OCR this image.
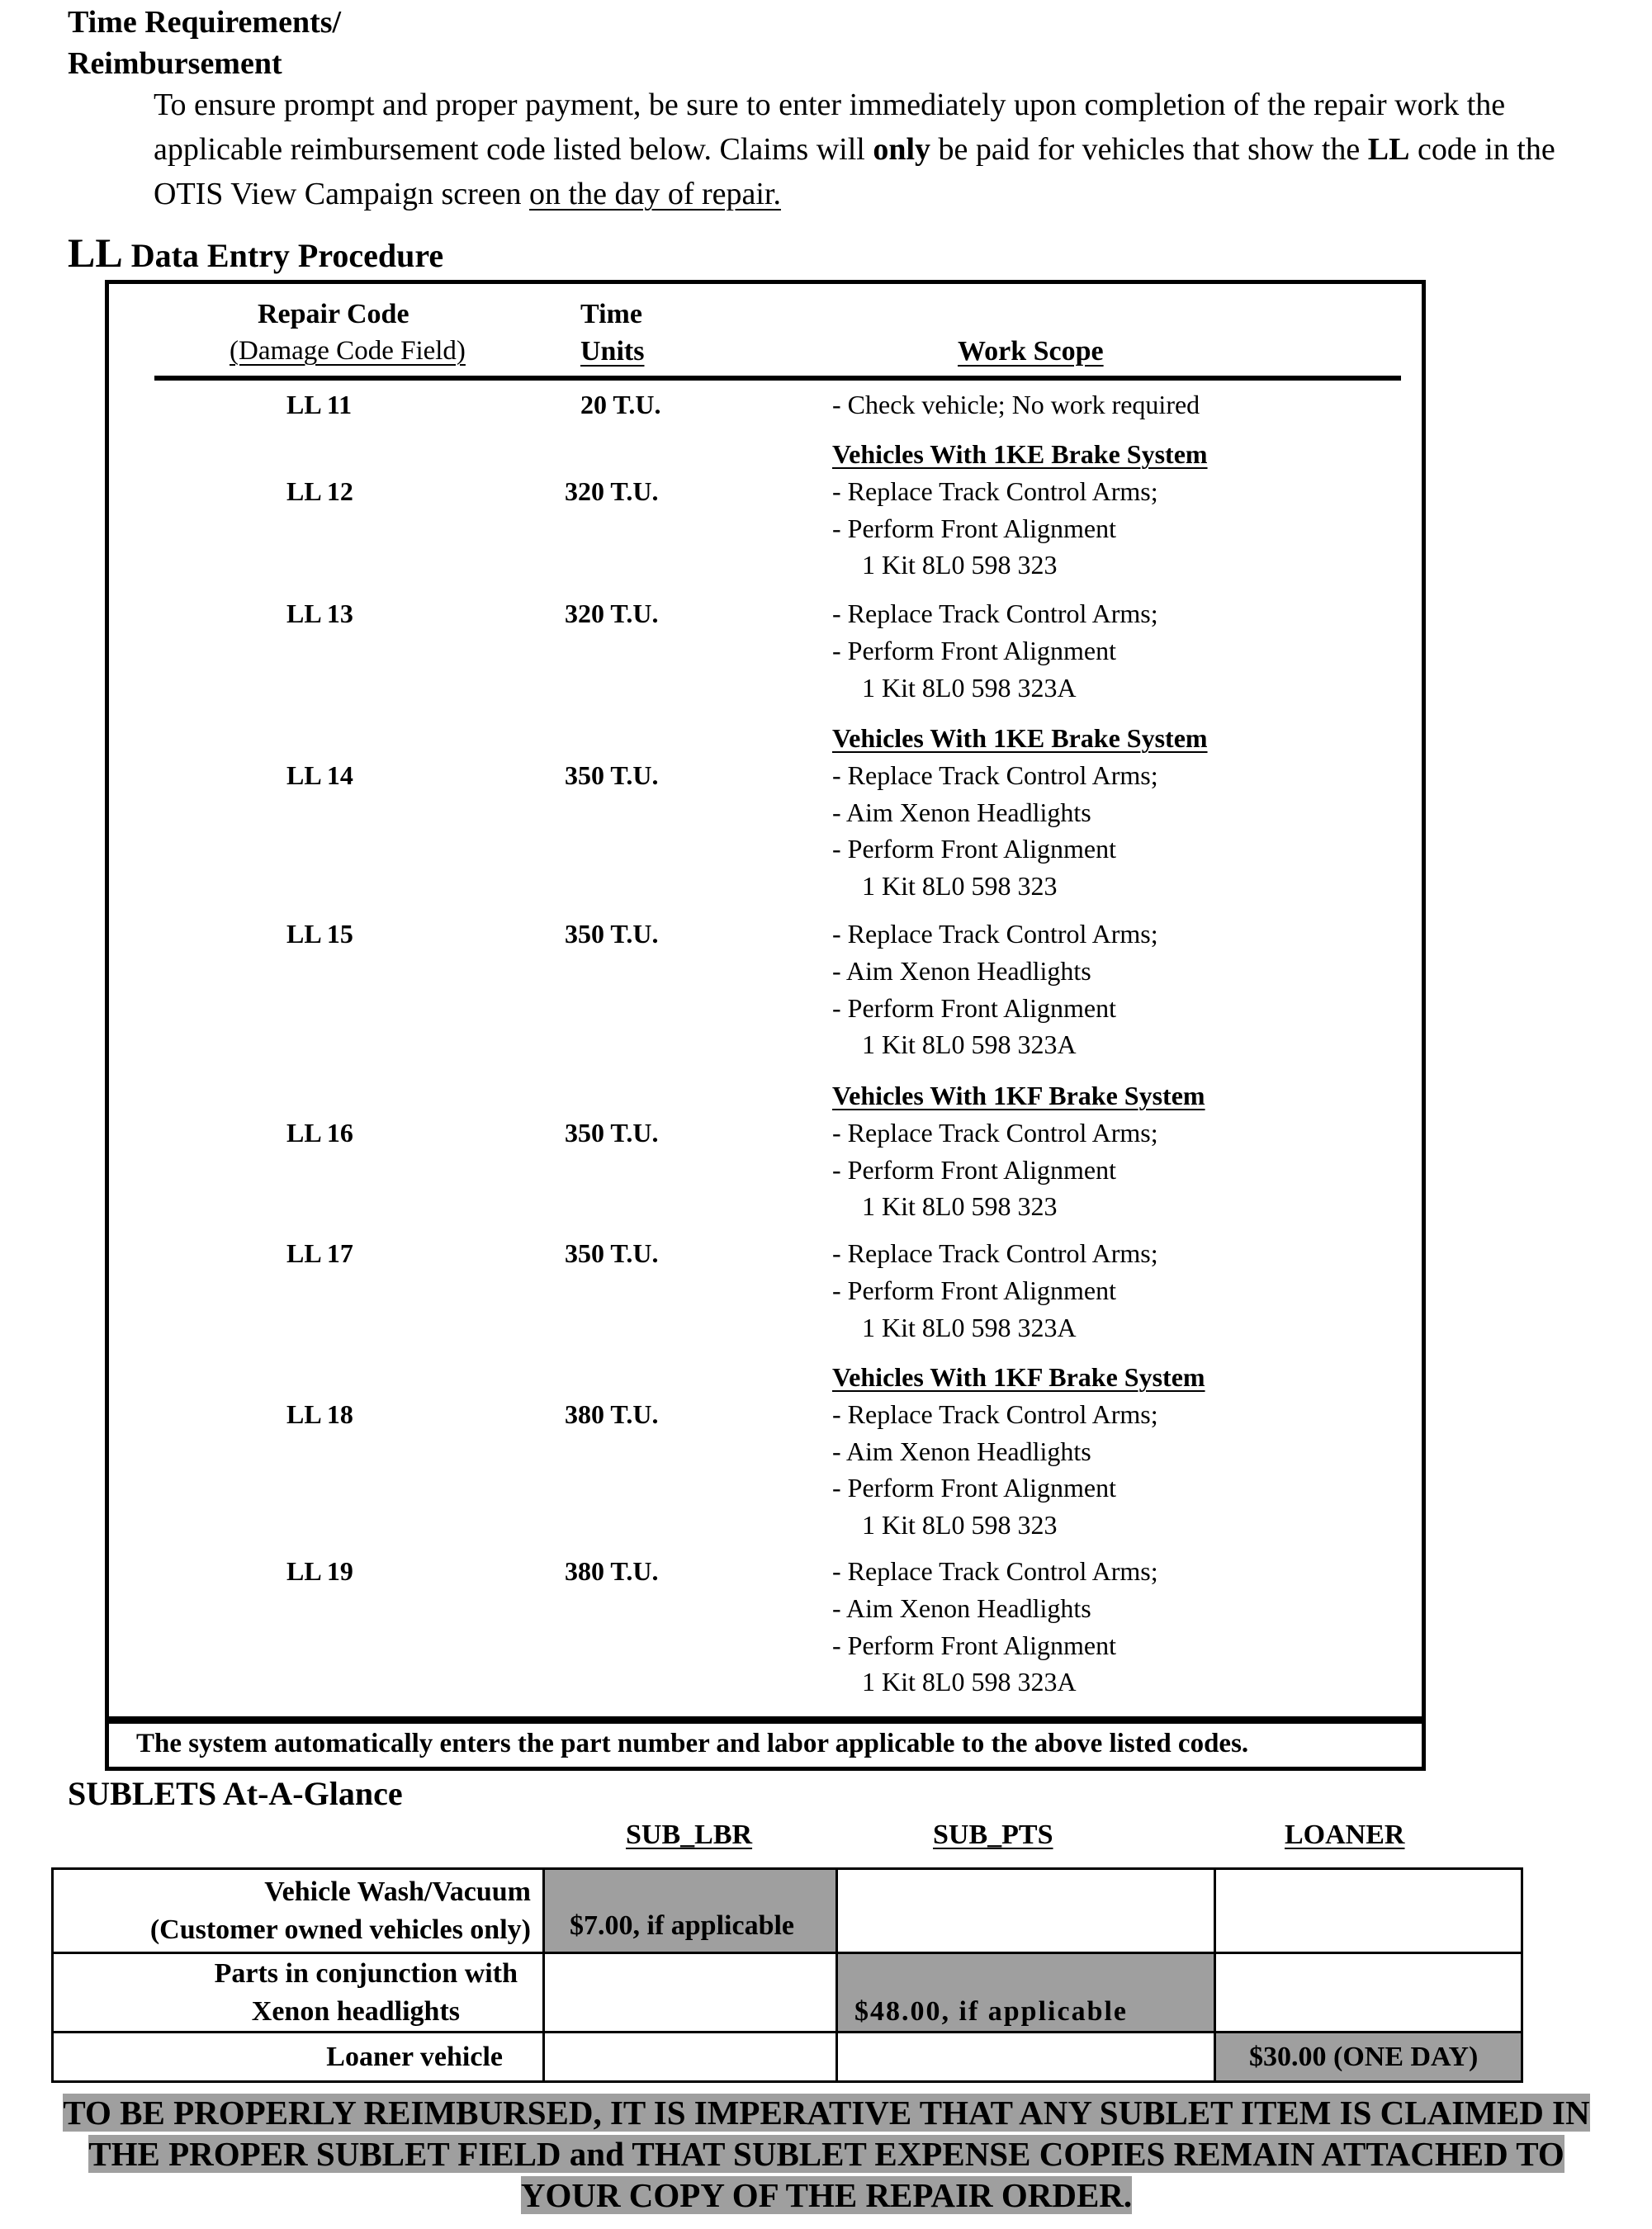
Time Requirements/
Reimbursement
To ensure prompt and proper payment, be sure to enter immediately upon completion of the repair work the applicable reimbursement code listed below. Claims will only be paid for vehicles that show the LL code in the OTIS View Campaign screen on the day of repair.
LL Data Entry Procedure
Repair Code
(Damage Code Field)
Time
Units	Work Scope
LL 11	20 T.U.	- Check vehicle; No work required
LL 12	320 T.U.
Vehicles With 1KE Brake System
- Replace Track Control Arms;
- Perform Front Alignment
1 Kit 8L0 598 323
LL 13	320 T.U.	- Replace Track Control Arms;
- Perform Front Alignment
1 Kit 8L0 598 323A
LL 14	350 T.U.
Vehicles With 1KE Brake System
- Replace Track Control Arms;
- Aim Xenon Headlights
- Perform Front Alignment
1 Kit 8L0 598 323
LL 15	350 T.U.	- Replace Track Control Arms;
- Aim Xenon Headlights
- Perform Front Alignment
1 Kit 8L0 598 323A
LL 16	350 T.U.
Vehicles With 1KF Brake System
- Replace Track Control Arms;
- Perform Front Alignment
1 Kit 8L0 598 323
LL 17	350 T.U.	- Replace Track Control Arms;
- Perform Front Alignment
1 Kit 8L0 598 323A
LL 18	380 T.U.
Vehicles With 1KF Brake System
- Replace Track Control Arms;
- Aim Xenon Headlights
- Perform Front Alignment
1 Kit 8L0 598 323
LL 19	380 T.U.	- Replace Track Control Arms;
- Aim Xenon Headlights
- Perform Front Alignment
1 Kit 8L0 598 323A
The system automatically enters the part number and labor applicable to the above listed codes.
SUBLETS At-A-Glance
SUB_LBR	SUB_PTS	LOANER
Vehicle Wash/Vacuum
(Customer owned vehicles only)	$7.00, if applicable		

Parts in conjunction with
Xenon headlights		$48.00, if applicable	

Loaner vehicle			$30.00 (ONE DAY)
TO BE PROPERLY REIMBURSED, IT IS IMPERATIVE THAT ANY SUBLET ITEM IS CLAIMED IN
THE PROPER SUBLET FIELD and THAT SUBLET EXPENSE COPIES REMAIN ATTACHED TO
YOUR COPY OF THE REPAIR ORDER.
